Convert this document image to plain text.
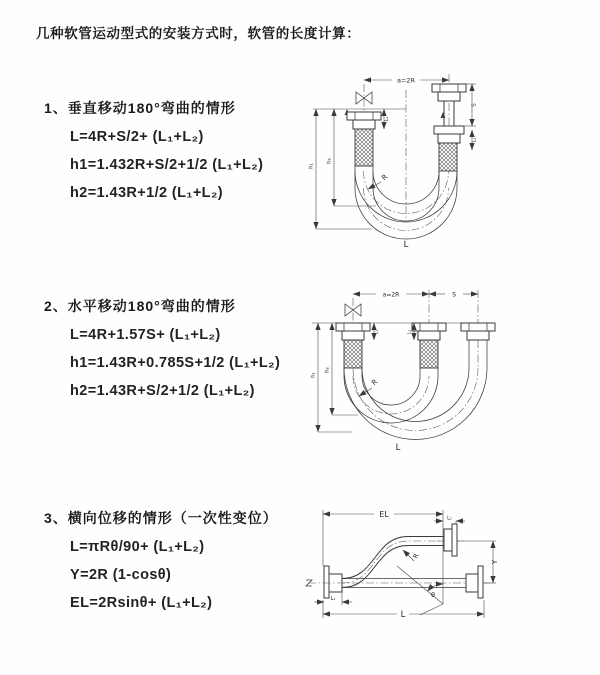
几种软管运动型式的安装方式时，软管的长度计算：
1、垂直移动180°弯曲的情形
L=4R+S/2+ (L₁+L₂)
h1=1.432R+S/2+1/2 (L₁+L₂)
h2=1.43R+1/2 (L₁+L₂)
2、水平移动180°弯曲的情形
L=4R+1.57S+ (L₁+L₂)
h1=1.43R+0.785S+1/2 (L₁+L₂)
h2=1.43R+S/2+1/2 (L₁+L₂)
3、横向位移的情形（一次性变位）
L=πRθ/90+ (L₁+L₂)
Y=2R (1-cosθ)
EL=2Rsinθ+ (L₁+L₂)
a=2R
L₁
S
L₁
h₁
h₂
R
L
a=2R	S
L₁	L₁
h₁
h₂
R
L
EL	L₁
R
θ
Y
L₁
L
